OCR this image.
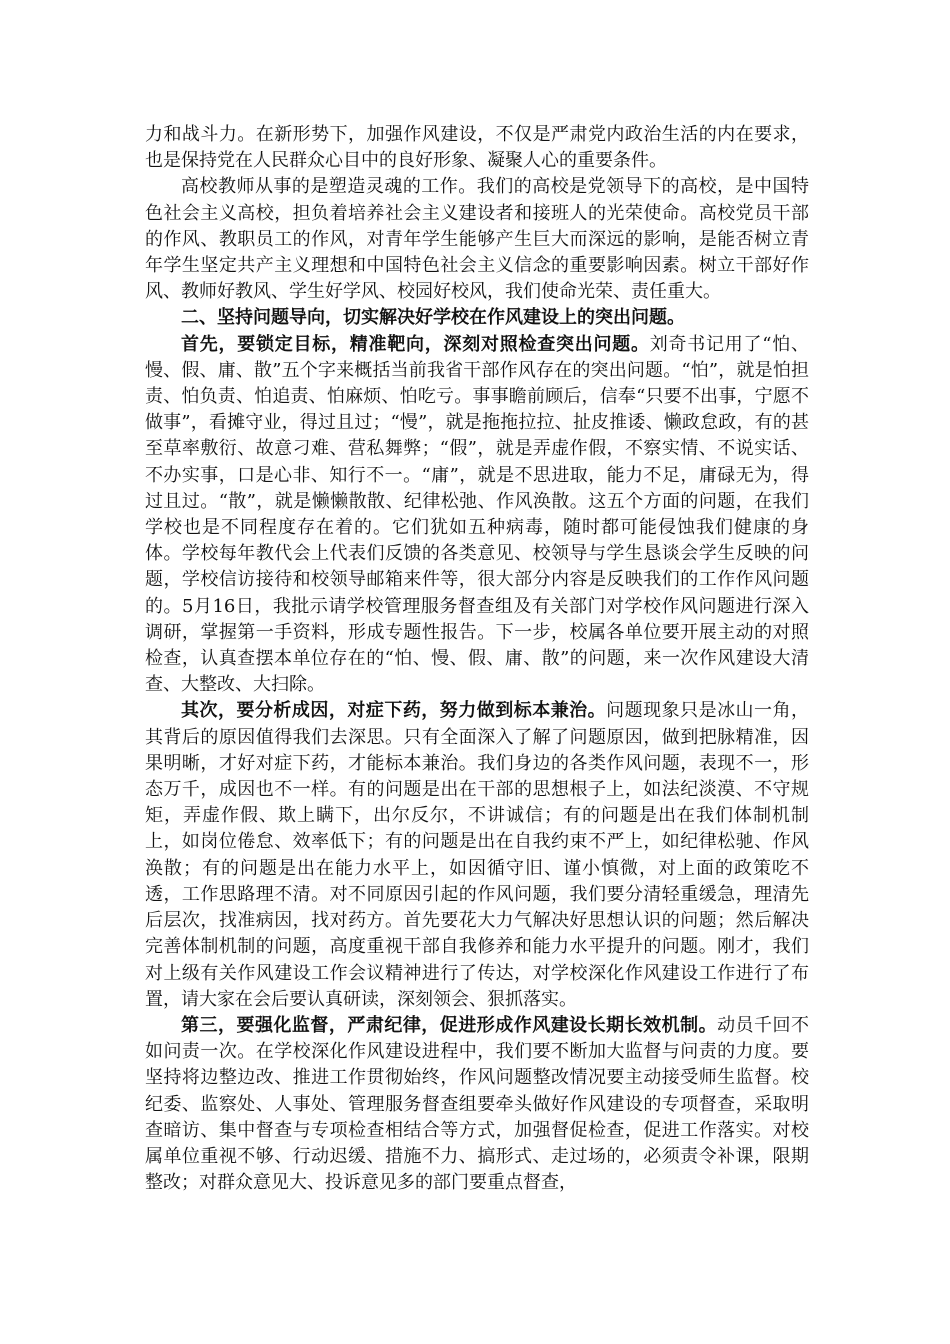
力和战斗力。在新形势下，加强作风建设，不仅是严肃党内政治生活的内在要求，也是保持党在人民群众心目中的良好形象、凝聚人心的重要条件。

高校教师从事的是塑造灵魂的工作。我们的高校是党领导下的高校，是中国特色社会主义高校，担负着培养社会主义建设者和接班人的光荣使命。高校党员干部的作风、教职员工的作风，对青年学生能够产生巨大而深远的影响，是能否树立青年学生坚定共产主义理想和中国特色社会主义信念的重要影响因素。树立干部好作风、教师好教风、学生好学风、校园好校风，我们使命光荣、责任重大。

二、坚持问题导向，切实解决好学校在作风建设上的突出问题。

首先，要锁定目标，精准靶向，深刻对照检查突出问题。刘奇书记用了“怕、慢、假、庸、散”五个字来概括当前我省干部作风存在的突出问题。“怕”，就是怕担责、怕负责、怕追责、怕麻烦、怕吃亏。事事瞻前顾后，信奉“只要不出事，宁愿不做事”，看摊守业，得过且过；“慢”，就是拖拖拉拉、扯皮推诿、懒政怠政，有的甚至草率敷衍、故意刁难、营私舞弊；“假”，就是弄虚作假，不察实情、不说实话、不办实事，口是心非、知行不一。“庸”，就是不思进取，能力不足，庸碌无为，得过且过。“散”，就是懒懒散散、纪律松弛、作风涣散。这五个方面的问题，在我们学校也是不同程度存在着的。它们犹如五种病毒，随时都可能侵蚀我们健康的身体。学校每年教代会上代表们反馈的各类意见、校领导与学生恳谈会学生反映的问题，学校信访接待和校领导邮箱来件等，很大部分内容是反映我们的工作作风问题的。5月16日，我批示请学校管理服务督查组及有关部门对学校作风问题进行深入调研，掌握第一手资料，形成专题性报告。下一步，校属各单位要开展主动的对照检查，认真查摆本单位存在的“怕、慢、假、庸、散”的问题，来一次作风建设大清查、大整改、大扫除。

其次，要分析成因，对症下药，努力做到标本兼治。问题现象只是冰山一角，其背后的原因值得我们去深思。只有全面深入了解了问题原因，做到把脉精准，因果明晰，才好对症下药，才能标本兼治。我们身边的各类作风问题，表现不一，形态万千，成因也不一样。有的问题是出在干部的思想根子上，如法纪淡漠、不守规矩，弄虚作假、欺上瞒下，出尔反尔，不讲诚信；有的问题是出在我们体制机制上，如岗位倦怠、效率低下；有的问题是出在自我约束不严上，如纪律松驰、作风涣散；有的问题是出在能力水平上，如因循守旧、谨小慎微，对上面的政策吃不透，工作思路理不清。对不同原因引起的作风问题，我们要分清轻重缓急，理清先后层次，找准病因，找对药方。首先要花大力气解决好思想认识的问题；然后解决完善体制机制的问题，高度重视干部自我修养和能力水平提升的问题。刚才，我们对上级有关作风建设工作会议精神进行了传达，对学校深化作风建设工作进行了布置，请大家在会后要认真研读，深刻领会、狠抓落实。

第三，要强化监督，严肃纪律，促进形成作风建设长期长效机制。动员千回不如问责一次。在学校深化作风建设进程中，我们要不断加大监督与问责的力度。要坚持将边整边改、推进工作贯彻始终，作风问题整改情况要主动接受师生监督。校纪委、监察处、人事处、管理服务督查组要牵头做好作风建设的专项督查，采取明查暗访、集中督查与专项检查相结合等方式，加强督促检查，促进工作落实。对校属单位重视不够、行动迟缓、措施不力、搞形式、走过场的，必须责令补课，限期整改；对群众意见大、投诉意见多的部门要重点督查，
